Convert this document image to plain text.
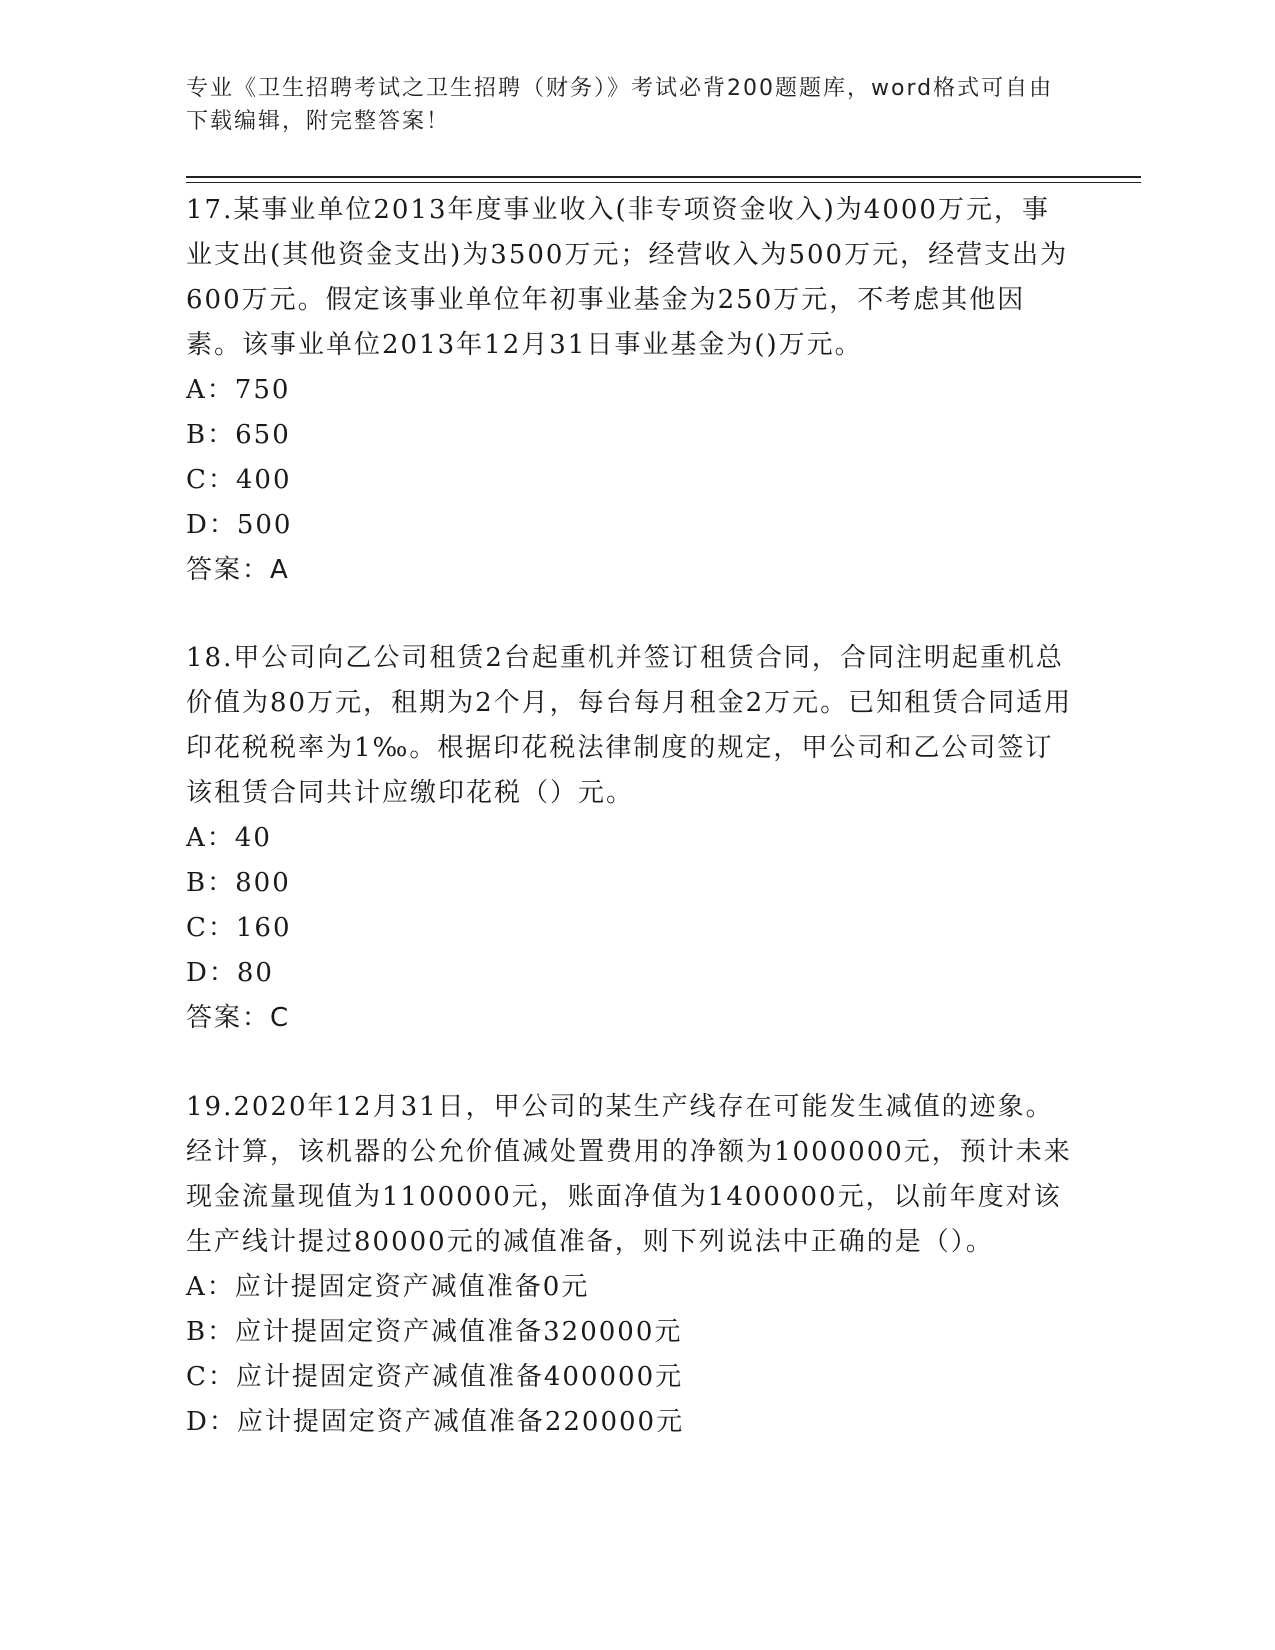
专业《卫生招聘考试之卫生招聘（财务）》考试必背200题题库，word格式可自由下载编辑，附完整答案！

17.某事业单位2013年度事业收入(非专项资金收入)为4000万元，事业支出(其他资金支出)为3500万元；经营收入为500万元，经营支出为600万元。假定该事业单位年初事业基金为250万元，不考虑其他因素。该事业单位2013年12月31日事业基金为()万元。

A：750

B：650

C：400

D：500

答案：A

18.甲公司向乙公司租赁2台起重机并签订租赁合同，合同注明起重机总价值为80万元，租期为2个月，每台每月租金2万元。已知租赁合同适用印花税税率为1‰。根据印花税法律制度的规定，甲公司和乙公司签订该租赁合同共计应缴印花税（）元。

A：40

B：800

C：160

D：80

答案：C

19.2020年12月31日，甲公司的某生产线存在可能发生减值的迹象。经计算，该机器的公允价值减处置费用的净额为1000000元，预计未来现金流量现值为1100000元，账面净值为1400000元，以前年度对该生产线计提过80000元的减值准备，则下列说法中正确的是（）。

A：应计提固定资产减值准备0元

B：应计提固定资产减值准备320000元

C：应计提固定资产减值准备400000元

D：应计提固定资产减值准备220000元
